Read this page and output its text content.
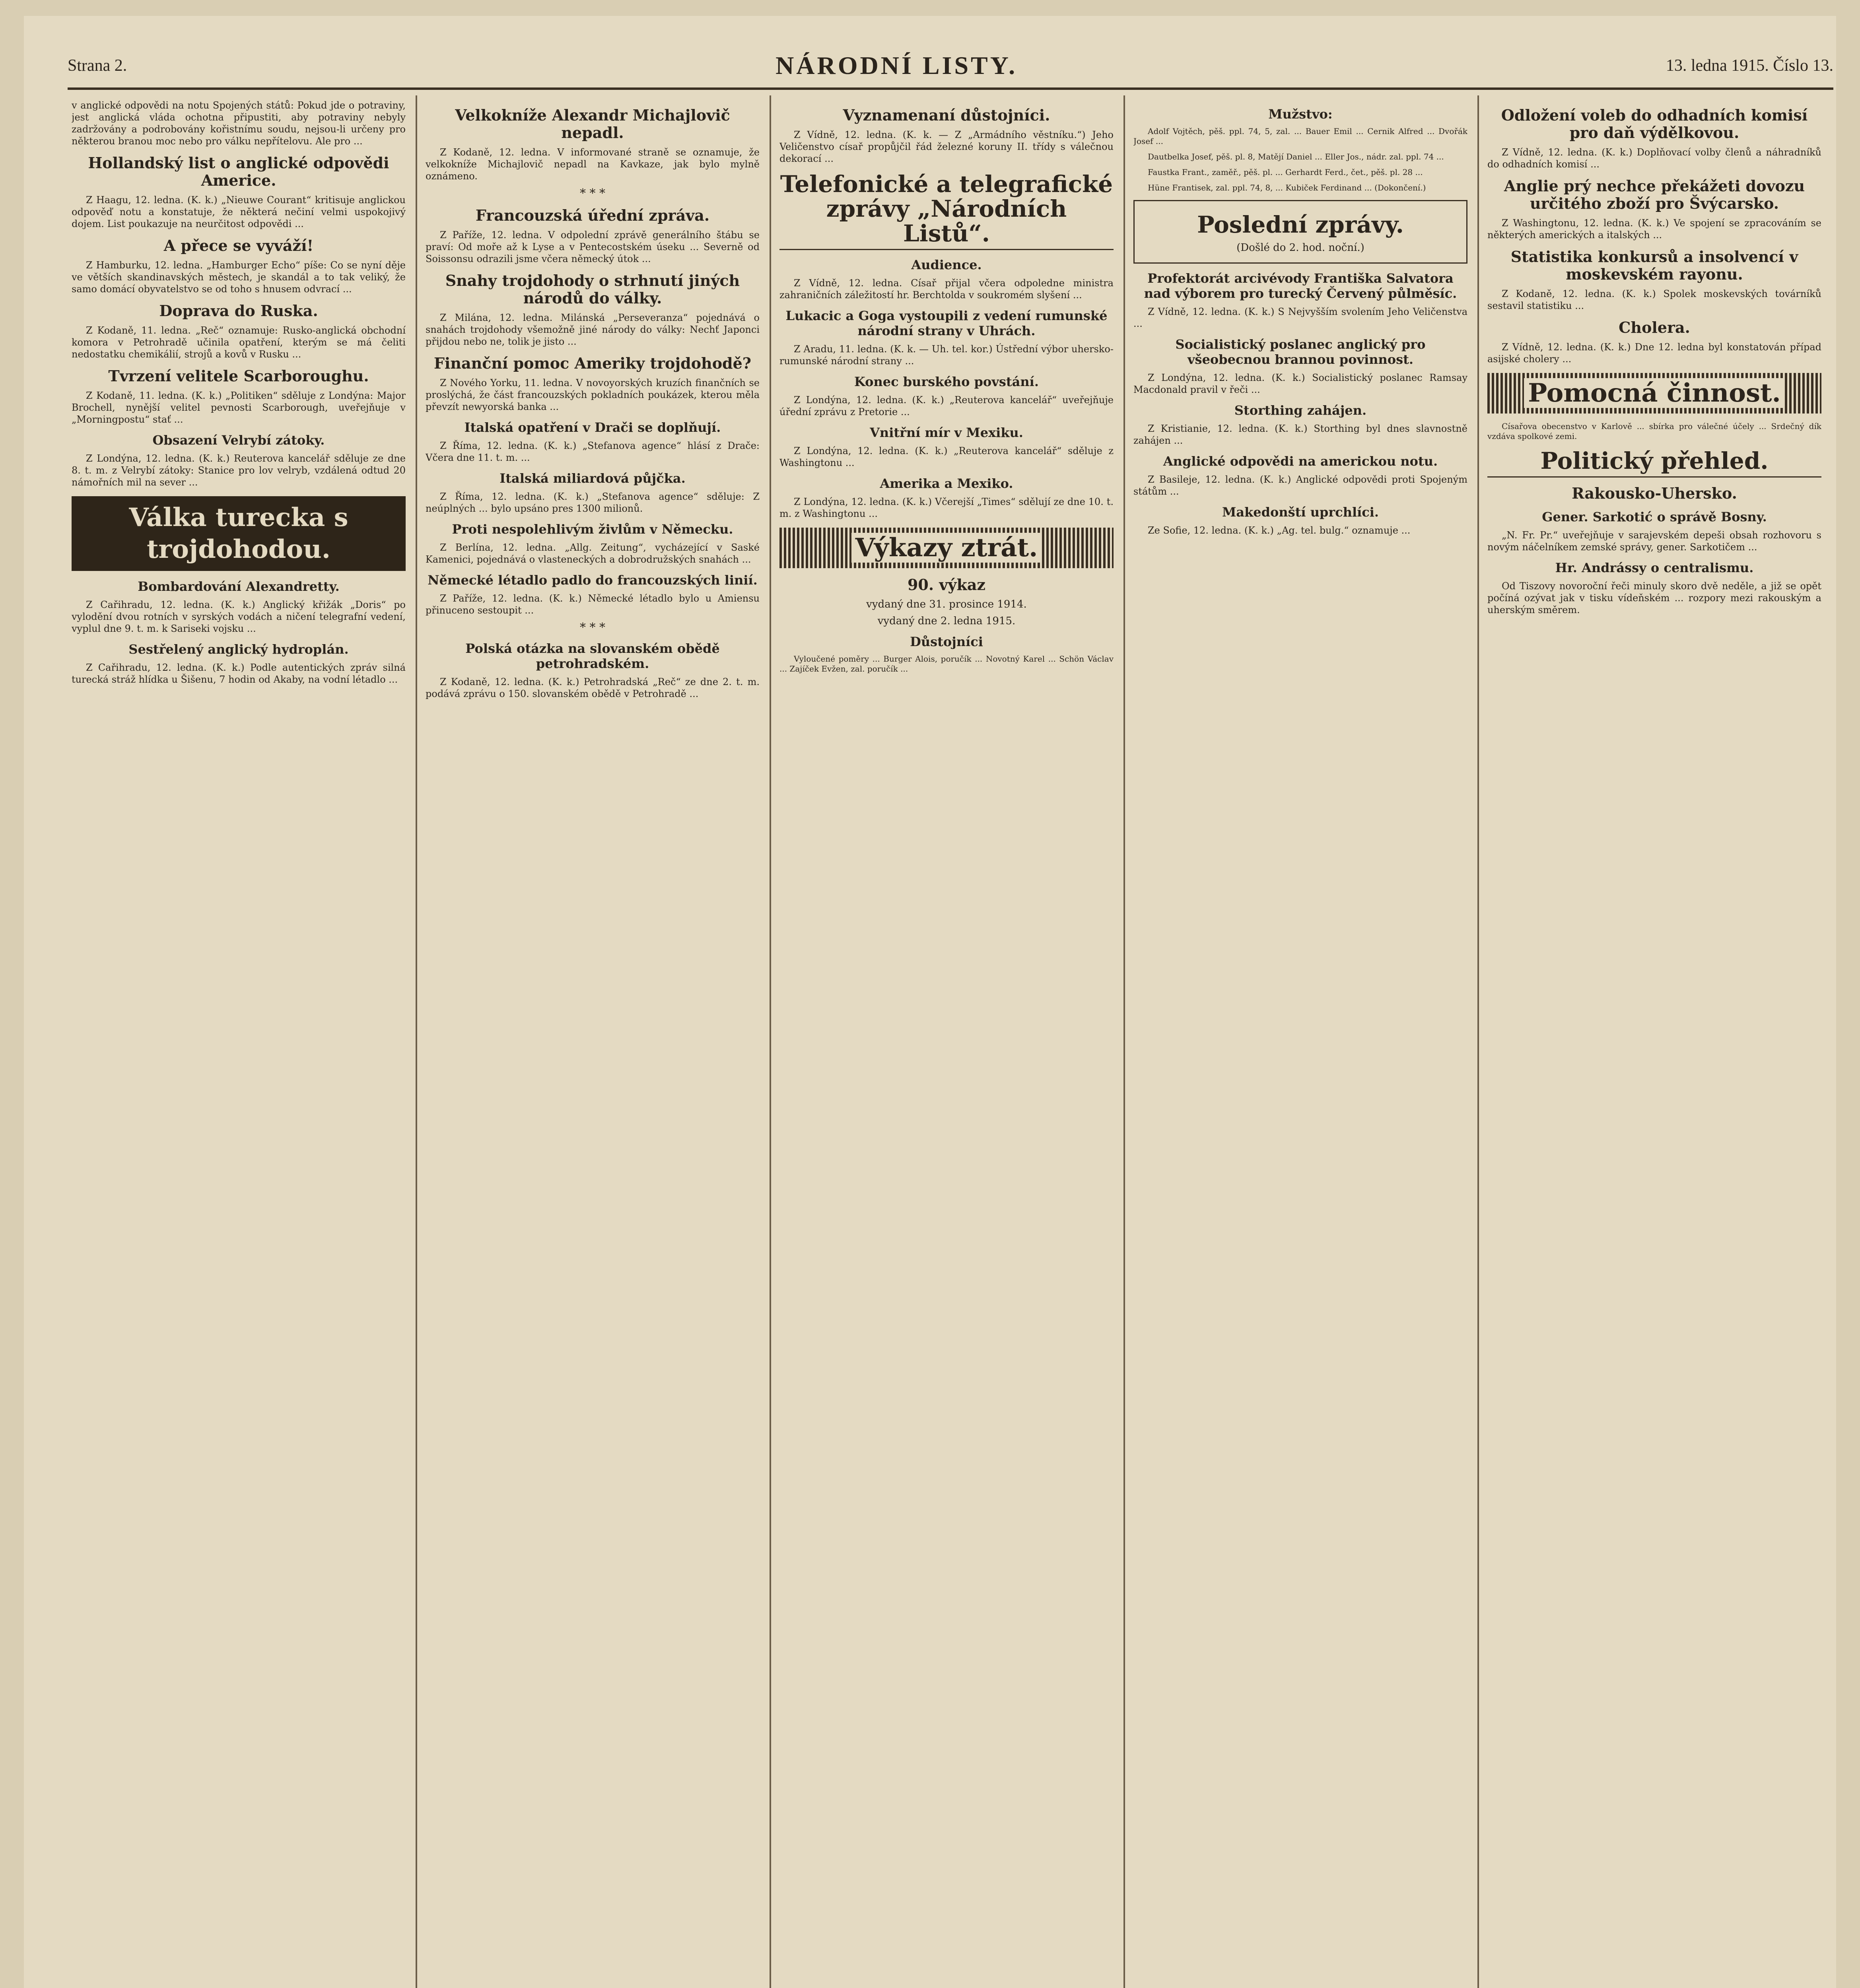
Strana 2.	NÁRODNÍ LISTY.	13. ledna 1915. Číslo 13.

v anglické odpovědi na notu Spojených států: Pokud jde o potraviny, jest anglická vláda ochotna připustiti, aby potraviny nebyly zadržovány a podrobovány kořistnímu soudu, nejsou-li určeny pro některou branou moc nebo pro válku nepřítelovu. Ale pro ...

Hollandský list o anglické odpovědi Americe.

Z Haagu, 12. ledna. (K. k.) „Nieuwe Courant“ kritisuje anglickou odpověď notu a konstatuje, že některá nečiní velmi uspokojivý dojem. List poukazuje na neurčitost odpovědi ...

A přece se vyváží!

Z Hamburku, 12. ledna. „Hamburger Echo“ píše: Co se nyní děje ve větších skandinavských městech, je skandál a to tak veliký, že samo domácí obyvatelstvo se od toho s hnusem odvrací ...

Doprava do Ruska.

Z Kodaně, 11. ledna. „Reč“ oznamuje: Rusko-anglická obchodní komora v Petrohradě učinila opatření, kterým se má čeliti nedostatku chemikálií, strojů a kovů v Rusku ...

Tvrzení velitele Scarboroughu.

Z Kodaně, 11. ledna. (K. k.) „Politiken“ sděluje z Londýna: Major Brochell, nynější velitel pevnosti Scarborough, uveřejňuje v „Morningpostu“ stať ...

Obsazení Velrybí zátoky.

Z Londýna, 12. ledna. (K. k.) Reuterova kancelář sděluje ze dne 8. t. m. z Velrybí zátoky: Stanice pro lov velryb, vzdálená odtud 20 námořních mil na sever ...

Válka turecka s trojdohodou.
Bombardování Alexandretty.

Z Cařihradu, 12. ledna. (K. k.) Anglický křižák „Doris“ po vylodění dvou rotních v syrských vodách a ničení telegrafní vedení, vyplul dne 9. t. m. k Sariseki vojsku ...

Sestřelený anglický hydroplán.

Z Cařihradu, 12. ledna. (K. k.) Podle autentických zpráv silná turecká stráž hlídka u Šišenu, 7 hodin od Akaby, na vodní létadlo ...

Velkokníže Alexandr Michajlovič nepadl.

Z Kodaně, 12. ledna. V informované straně se oznamuje, že velkokníže Michajlovič nepadl na Kavkaze, jak bylo mylně oznámeno.

* * *
Francouzská úřední zpráva.

Z Paříže, 12. ledna. V odpolední zprávě generálního štábu se praví: Od moře až k Lyse a v Pentecostském úseku ... Severně od Soissonsu odrazili jsme včera německý útok ...

Snahy trojdohody o strhnutí jiných národů do války.

Z Milána, 12. ledna. Milánská „Perseveranza“ pojednává o snahách trojdohody všemožně jiné národy do války: Nechť Japonci přijdou nebo ne, tolik je jisto ...

Finanční pomoc Ameriky trojdohodě?

Z Nového Yorku, 11. ledna. V novoyorských kruzích finančních se proslýchá, že část francouzských pokladních poukázek, kterou měla převzít newyorská banka ...

Italská opatření v Drači se doplňují.

Z Říma, 12. ledna. (K. k.) „Stefanova agence“ hlásí z Drače: Včera dne 11. t. m. ...

Italská miliardová půjčka.

Z Říma, 12. ledna. (K. k.) „Stefanova agence“ sděluje: Z neúplných ... bylo upsáno pres 1300 milionů.

Proti nespolehlivým živlům v Německu.

Z Berlína, 12. ledna. „Allg. Zeitung“, vycházející v Saské Kamenici, pojednává o vlasteneckých a dobrodružských snahách ...

Německé létadlo padlo do francouzských linií.

Z Paříže, 12. ledna. (K. k.) Německé létadlo bylo u Amiensu přinuceno sestoupit ...

* * *
Polská otázka na slovanském obědě petrohradském.

Z Kodaně, 12. ledna. (K. k.) Petrohradská „Reč“ ze dne 2. t. m. podává zprávu o 150. slovanském obědě v Petrohradě ...

Vyznamenaní důstojníci.

Z Vídně, 12. ledna. (K. k. — Z „Armádního věstníku.“) Jeho Veličenstvo císař propůjčil řád železné koruny II. třídy s válečnou dekorací ...

Telefonické a telegrafické zprávy „Národních Listů“.
Audience.

Z Vídně, 12. ledna. Císař přijal včera odpoledne ministra zahraničních záležitostí hr. Berchtolda v soukromém slyšení ...

Lukacic a Goga vystoupili z vedení rumunské národní strany v Uhrách.

Z Aradu, 11. ledna. (K. k. — Uh. tel. kor.) Ústřední výbor uhersko-rumunské národní strany ...

Konec burského povstání.

Z Londýna, 12. ledna. (K. k.) „Reuterova kancelář“ uveřejňuje úřední zprávu z Pretorie ...

Vnitřní mír v Mexiku.

Z Londýna, 12. ledna. (K. k.) „Reuterova kancelář“ sděluje z Washingtonu ...

Amerika a Mexiko.

Z Londýna, 12. ledna. (K. k.) Včerejší „Times“ sdělují ze dne 10. t. m. z Washingtonu ...

Výkazy ztrát.
90. výkaz
vydaný dne 31. prosince 1914.
vydaný dne 2. ledna 1915.
Důstojníci

Vyloučené poměry ... Burger Alois, poručík ... Novotný Karel ... Schön Václav ... Zajíček Evžen, zal. poručík ...

Mužstvo:

Adolf Vojtěch, pěš. ppl. 74, 5, zal. ... Bauer Emil ... Cernik Alfred ... Dvořák Josef ...

Dautbelka Josef, pěš. pl. 8, Matějí Daniel ... Eller Jos., nádr. zal. ppl. 74 ...

Faustka Frant., zaměř., pěš. pl. ... Gerhardt Ferd., čet., pěš. pl. 28 ...

Hüne Frantisek, zal. ppl. 74, 8, ... Kubiček Ferdinand ... (Dokončení.)

Poslední zprávy.
(Došlé do 2. hod. noční.)
Profektorát arcivévody Františka Salvatora nad výborem pro turecký Červený půlměsíc.

Z Vídně, 12. ledna. (K. k.) S Nejvyšším svolením Jeho Veličenstva ...

Socialistický poslanec anglický pro všeobecnou brannou povinnost.

Z Londýna, 12. ledna. (K. k.) Socialistický poslanec Ramsay Macdonald pravil v řeči ...

Storthing zahájen.

Z Kristianie, 12. ledna. (K. k.) Storthing byl dnes slavnostně zahájen ...

Anglické odpovědi na americkou notu.

Z Basileje, 12. ledna. (K. k.) Anglické odpovědi proti Spojeným státům ...

Makedonští uprchlíci.

Ze Sofie, 12. ledna. (K. k.) „Ag. tel. bulg.“ oznamuje ...

Odložení voleb do odhadních komisí pro daň výdělkovou.

Z Vídně, 12. ledna. (K. k.) Doplňovací volby členů a náhradníků do odhadních komisí ...

Anglie prý nechce překážeti dovozu určitého zboží pro Švýcarsko.

Z Washingtonu, 12. ledna. (K. k.) Ve spojení se zpracováním se některých amerických a italských ...

Statistika konkursů a insolvencí v moskevském rayonu.

Z Kodaně, 12. ledna. (K. k.) Spolek moskevských továrníků sestavil statistiku ...

Cholera.

Z Vídně, 12. ledna. (K. k.) Dne 12. ledna byl konstatován případ asijské cholery ...

Pomocná činnost.

Císařova obecenstvo v Karlově ... sbírka pro válečné účely ... Srdečný dík vzdáva spolkové zemi.

Politický přehled.
Rakousko-Uhersko.
Gener. Sarkotić o správě Bosny.

„N. Fr. Pr.“ uveřejňuje v sarajevském depeši obsah rozhovoru s novým náčelníkem zemské správy, gener. Sarkotičem ...

Hr. Andrássy o centralismu.

Od Tiszovy novoroční řeči minuly skoro dvě neděle, a již se opět počíná ozývat jak v tisku vídeňském ... rozpory mezi rakouským a uherským směrem.
